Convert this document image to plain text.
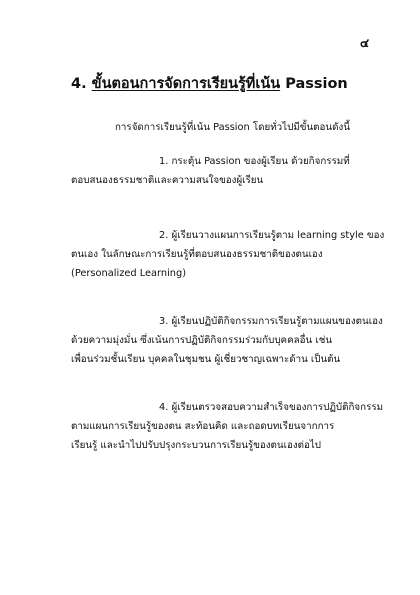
๔
4. ขั้นตอนการจัดการเรียนรู้ที่เน้น Passion
การจัดการเรียนรู้ที่เน้น Passion โดยทั่วไปมีขั้นตอนดังนี้
1. กระตุ้น Passion ของผู้เรียน ด้วยกิจกรรมที่
ตอบสนองธรรมชาติและความสนใจของผู้เรียน
2. ผู้เรียนวางแผนการเรียนรู้ตาม learning style ของ
ตนเอง ในลักษณะการเรียนรู้ที่ตอบสนองธรรมชาติของตนเอง
(Personalized Learning)
3. ผู้เรียนปฏิบัติกิจกรรมการเรียนรู้ตามแผนของตนเอง
ด้วยความมุ่งมั่น ซึ่งเน้นการปฏิบัติกิจกรรมร่วมกับบุคคลอื่น เช่น
เพื่อนร่วมชั้นเรียน บุคคลในชุมชน ผู้เชี่ยวชาญเฉพาะด้าน เป็นต้น
4. ผู้เรียนตรวจสอบความสำเร็จของการปฏิบัติกิจกรรม
ตามแผนการเรียนรู้ของตน สะท้อนคิด และถอดบทเรียนจากการ
เรียนรู้ และนำไปปรับปรุงกระบวนการเรียนรู้ของตนเองต่อไป
